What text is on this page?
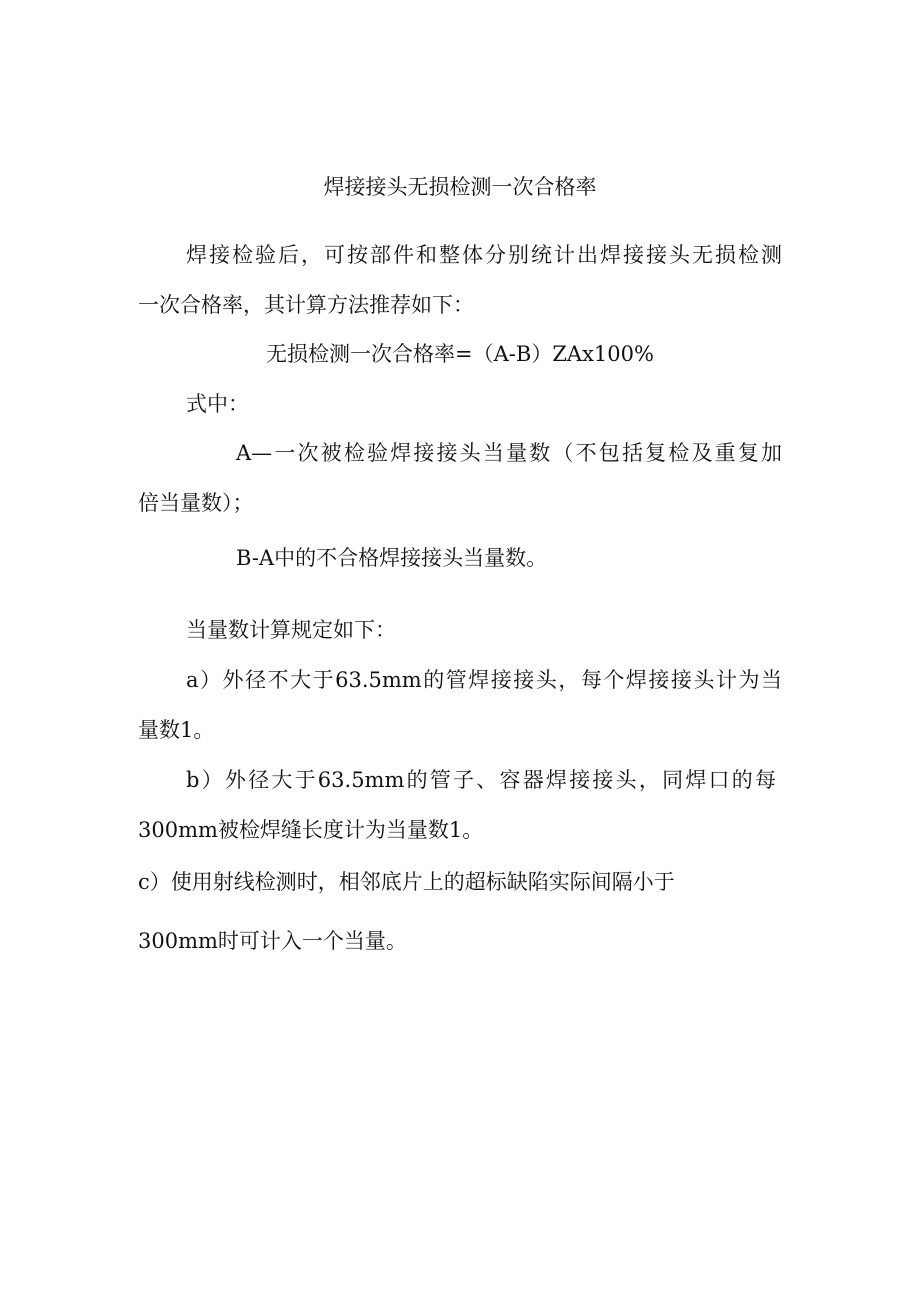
焊接接头无损检测一次合格率
焊接检验后，可按部件和整体分别统计出焊接接头无损检测
一次合格率，其计算方法推荐如下：
无损检测一次合格率=（A-B）ZAx100%
式中：
A—一次被检验焊接接头当量数（不包括复检及重复加
倍当量数）；
B-A中的不合格焊接接头当量数。
当量数计算规定如下：
a）外径不大于63.5mm的管焊接接头，每个焊接接头计为当
量数1。
b）外径大于63.5mm的管子、容器焊接接头，同焊口的每
300mm被检焊缝长度计为当量数1。
c）使用射线检测时，相邻底片上的超标缺陷实际间隔小于
300mm时可计入一个当量。
